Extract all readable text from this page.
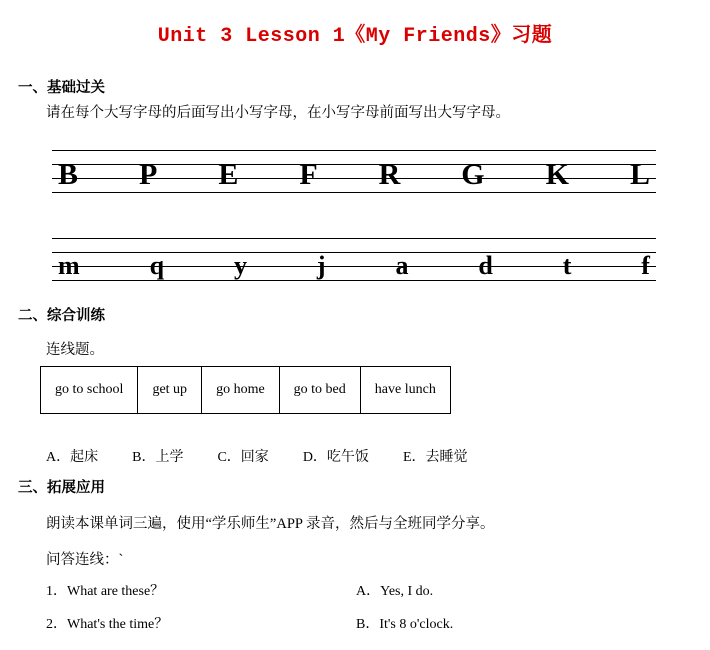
Unit 3 Lesson 1《My Friends》习题
一、基础过关
请在每个大写字母的后面写出小写字母，在小写字母前面写出大写字母。
B P E F R G K L
m	q	y	j	a	d	t	f
二、综合训练
连线题。
go to school	get up	go home	go to bed	have lunch
A．起床 B．上学 C．回家 D．吃午饭 E．去睡觉
三、拓展应用
朗读本课单词三遍，使用“学乐师生”APP 录音，然后与全班同学分享。
问答连线：`
1．What are these？	A．Yes, I do.
2．What's the time？	B．It's 8 o'clock.
